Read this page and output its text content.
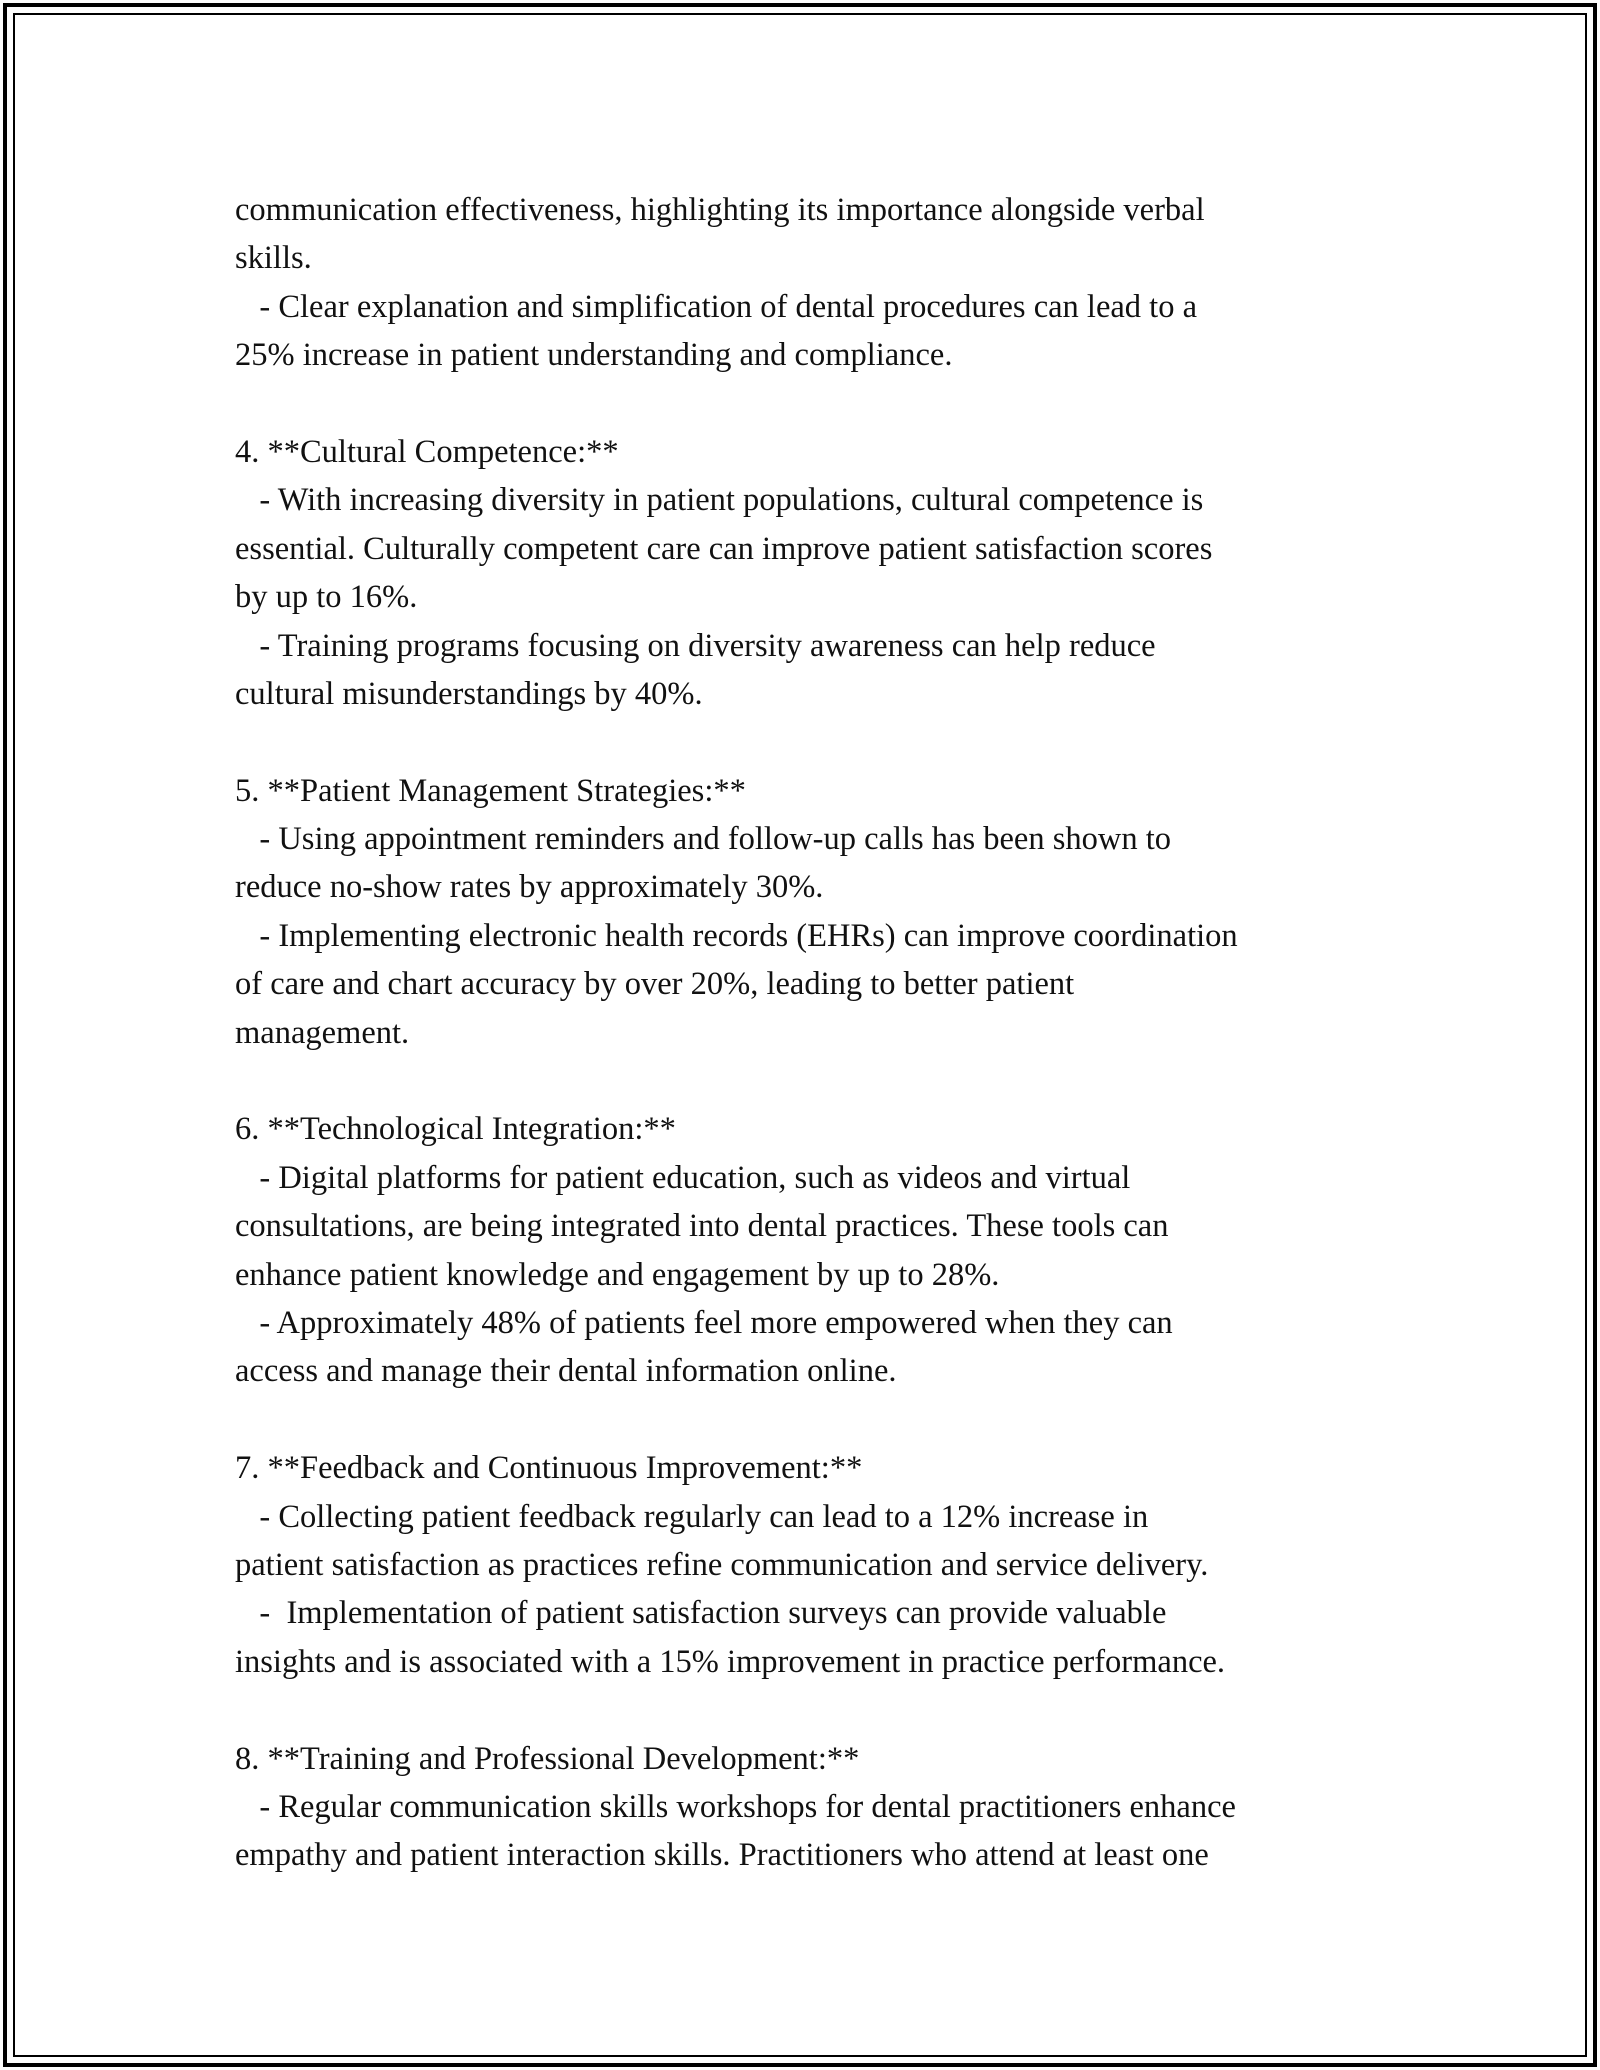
communication effectiveness, highlighting its importance alongside verbal
skills.
- Clear explanation and simplification of dental procedures can lead to a
25% increase in patient understanding and compliance.
4. **Cultural Competence:**
- With increasing diversity in patient populations, cultural competence is
essential. Culturally competent care can improve patient satisfaction scores
by up to 16%.
- Training programs focusing on diversity awareness can help reduce
cultural misunderstandings by 40%.
5. **Patient Management Strategies:**
- Using appointment reminders and follow-up calls has been shown to
reduce no-show rates by approximately 30%.
- Implementing electronic health records (EHRs) can improve coordination
of care and chart accuracy by over 20%, leading to better patient
management.
6. **Technological Integration:**
- Digital platforms for patient education, such as videos and virtual
consultations, are being integrated into dental practices. These tools can
enhance patient knowledge and engagement by up to 28%.
- Approximately 48% of patients feel more empowered when they can
access and manage their dental information online.
7. **Feedback and Continuous Improvement:**
- Collecting patient feedback regularly can lead to a 12% increase in
patient satisfaction as practices refine communication and service delivery.
-  Implementation of patient satisfaction surveys can provide valuable
insights and is associated with a 15% improvement in practice performance.
8. **Training and Professional Development:**
- Regular communication skills workshops for dental practitioners enhance
empathy and patient interaction skills. Practitioners who attend at least one
